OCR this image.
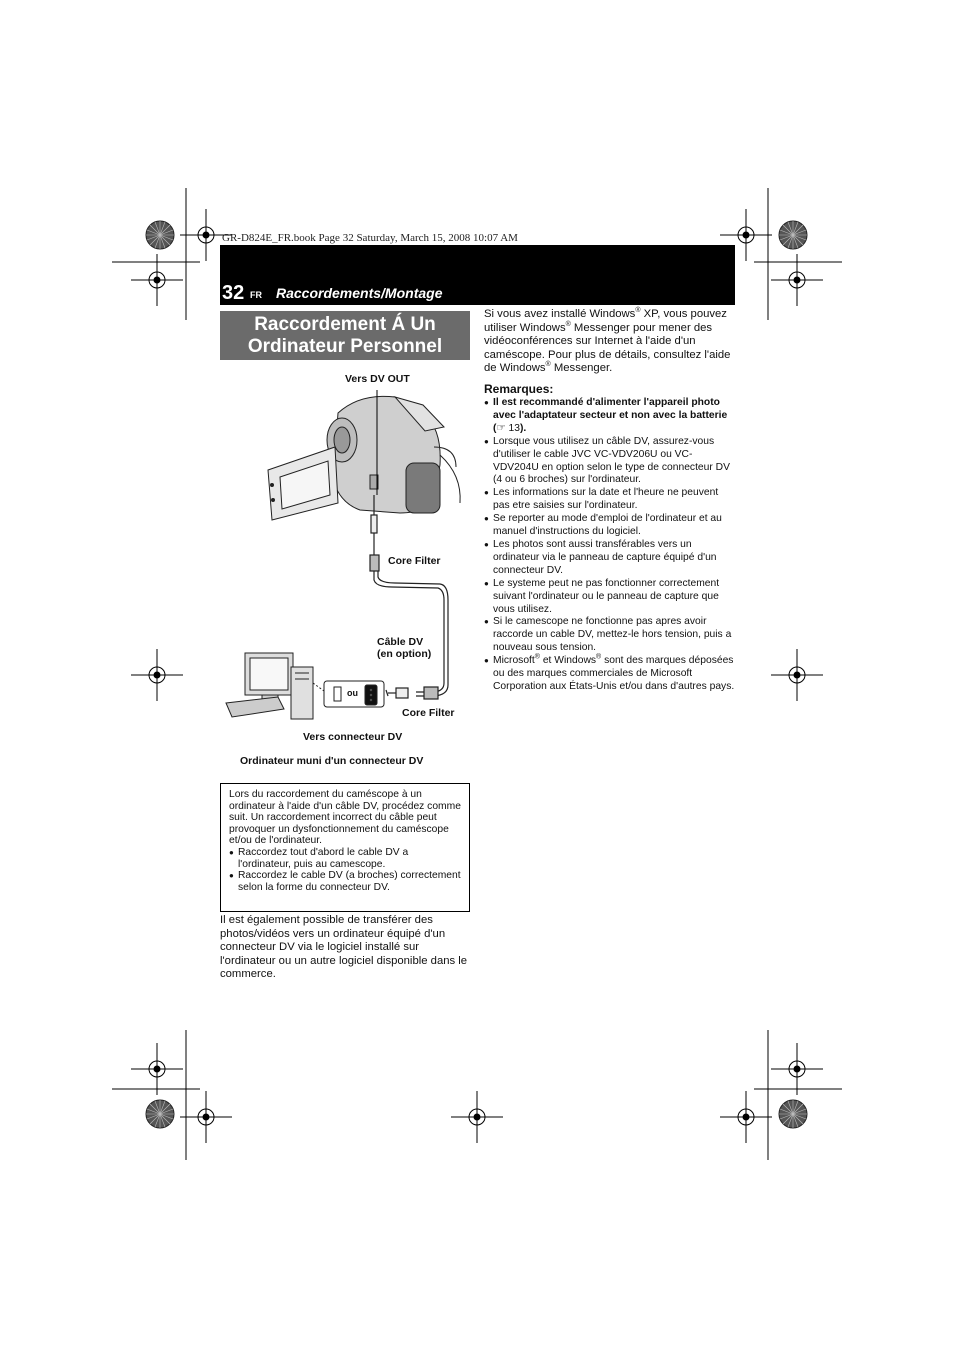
GR-D824E_FR.book Page 32 Saturday, March 15, 2008 10:07 AM
32 FR Raccordements/Montage
Raccordement Á Un
Ordinateur Personnel
Vers DV OUT
Core Filter
Câble DV
(en option)
ou
Core Filter
Vers connecteur DV
Ordinateur muni d'un connecteur DV
Lors du raccordement du caméscope à un ordinateur à l'aide d'un câble DV, procédez comme suit. Un raccordement incorrect du câble peut provoquer un dysfonctionnement du caméscope et/ou de l'ordinateur.
● Raccordez tout d'abord le cable DV a l'ordinateur, puis au camescope.
● Raccordez le cable DV (a broches) correctement selon la forme du connecteur DV.
Il est également possible de transférer des photos/vidéos vers un ordinateur équipé d'un connecteur DV via le logiciel installé sur l'ordinateur ou un autre logiciel disponible dans le commerce.
Si vous avez installé Windows® XP, vous pouvez utiliser Windows® Messenger pour mener des vidéoconférences sur Internet à l'aide d'un caméscope. Pour plus de détails, consultez l'aide de Windows® Messenger.
Remarques:
● Il est recommandé d'alimenter l'appareil photo avec l'adaptateur secteur et non avec la batterie (☞ 13).
● Lorsque vous utilisez un câble DV, assurez-vous d'utiliser le cable JVC VC-VDV206U ou VC-VDV204U en option selon le type de connecteur DV (4 ou 6 broches) sur l'ordinateur.
● Les informations sur la date et l'heure ne peuvent pas etre saisies sur l'ordinateur.
● Se reporter au mode d'emploi de l'ordinateur et au manuel d'instructions du logiciel.
● Les photos sont aussi transférables vers un ordinateur via le panneau de capture équipé d'un connecteur DV.
● Le systeme peut ne pas fonctionner correctement suivant l'ordinateur ou le panneau de capture que vous utilisez.
● Si le camescope ne fonctionne pas apres avoir raccorde un cable DV, mettez-le hors tension, puis a nouveau sous tension.
● Microsoft® et Windows® sont des marques déposées ou des marques commerciales de Microsoft Corporation aux États-Unis et/ou dans d'autres pays.
